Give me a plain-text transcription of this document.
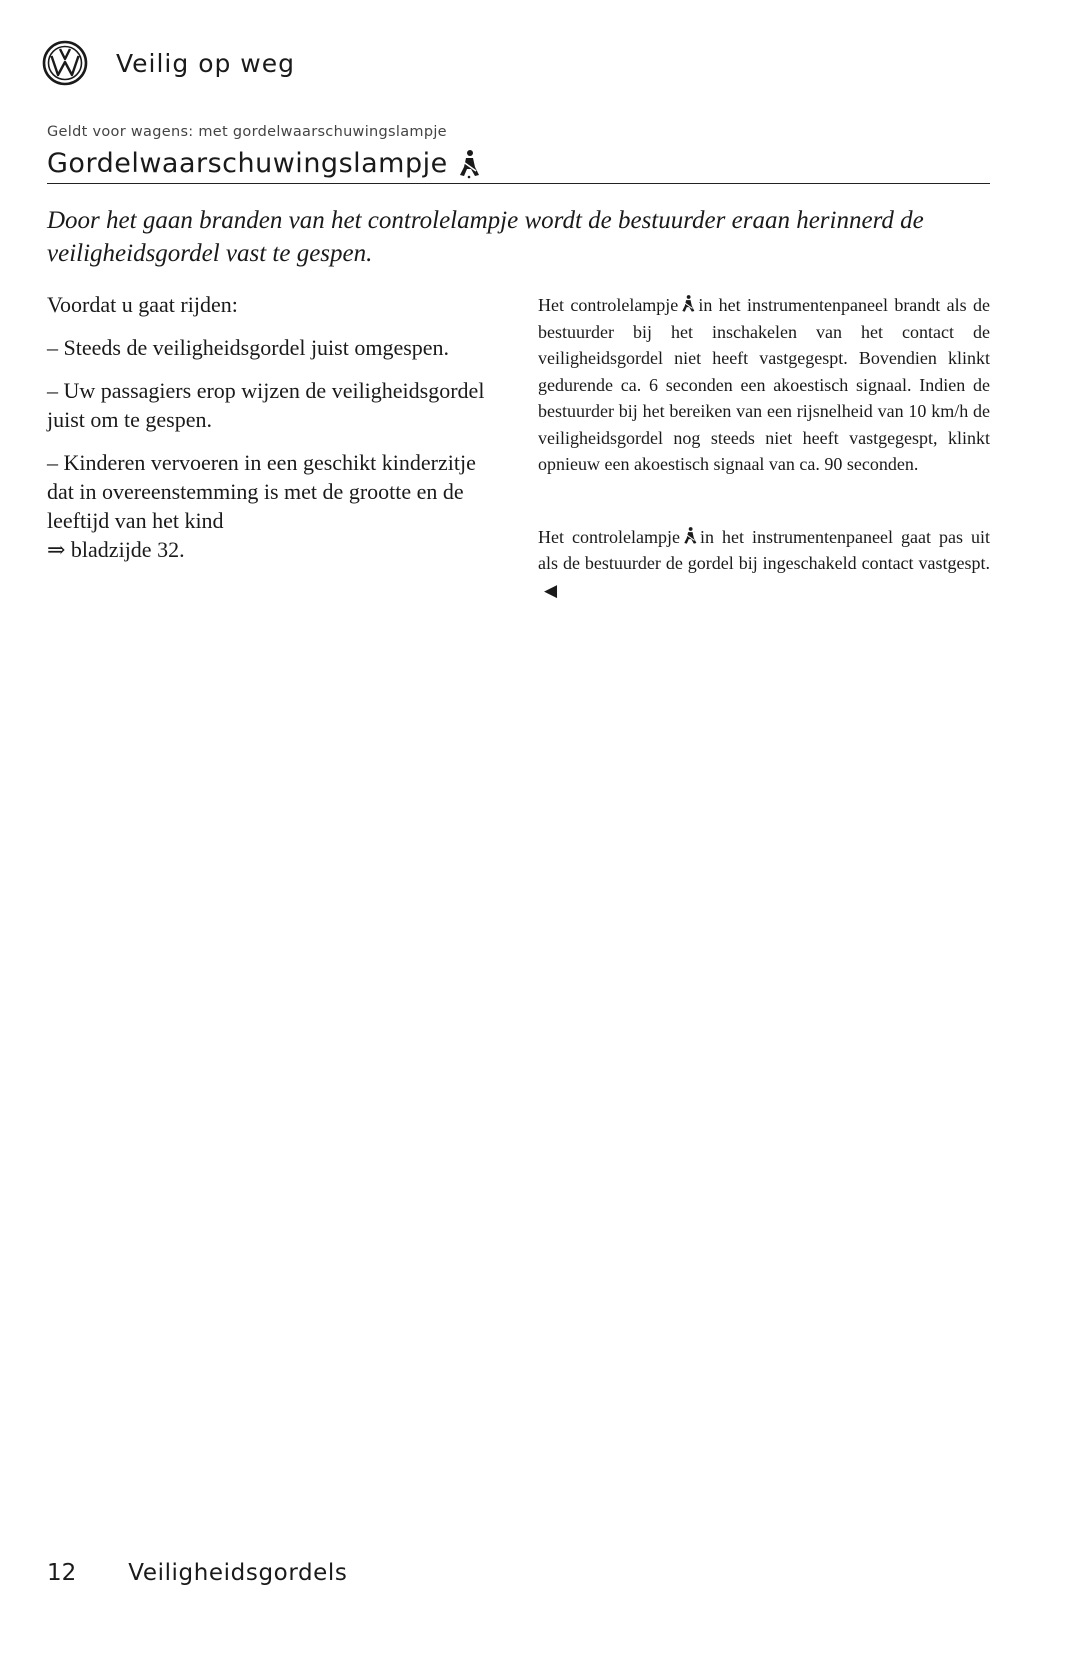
Veilig op weg
Geldt voor wagens: met gordelwaarschuwingslampje
Gordelwaarschuwingslampje
Door het gaan branden van het controlelampje wordt de bestuurder eraan herinnerd de veiligheidsgordel vast te gespen.

Voordat u gaat rijden:

– Steeds de veiligheidsgordel juist omgespen.

– Uw passagiers erop wijzen de veiligheidsgordel juist om te gespen.

– Kinderen vervoeren in een geschikt kinderzitje dat in overeenstemming is met de grootte en de leeftijd van het kind

⇒ bladzijde 32.

Het controlelampje in het instrumentenpaneel brandt als de bestuurder bij het inschakelen van het contact de veiligheidsgordel niet heeft vastgegespt. Bovendien klinkt gedurende ca. 6 seconden een akoestisch signaal. Indien de bestuurder bij het bereiken van een rijsnelheid van 10 km/h de veiligheidsgordel nog steeds niet heeft vastgegespt, klinkt opnieuw een akoestisch signaal van ca. 90 seconden.

Het controlelampje in het instrumentenpaneel gaat pas uit als de bestuurder de gordel bij ingeschakeld contact vastgespt.◀

12 Veiligheidsgordels
